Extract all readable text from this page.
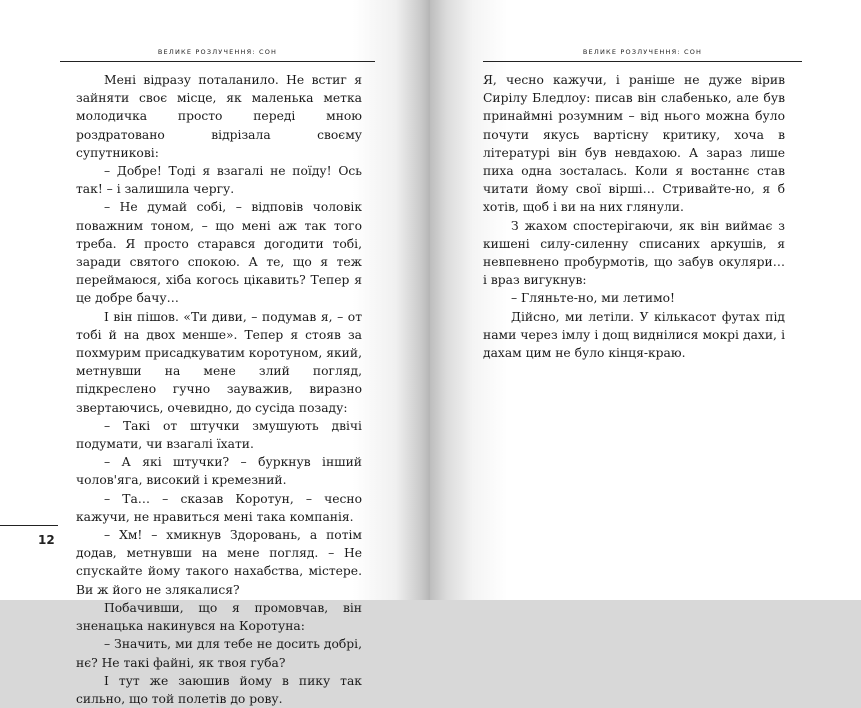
ВЕЛИКЕ РОЗЛУЧЕННЯ: СОН

Мені відразу поталанило. Не встиг я зайняти своє місце, як маленька метка молодичка просто переді мною роздратовано відрізала своєму супутникові:

– Добре! Тоді я взагалі не поїду! Ось так! – і залишила чергу.

– Не думай собі, – відповів чоловік поважним тоном, – що мені аж так того треба. Я просто старався догодити тобі, заради святого спокою. А те, що я теж переймаюся, хіба когось цікавить? Тепер я це добре бачу…

І він пішов. «Ти диви, – подумав я, – от тобі й на двох менше». Тепер я стояв за похмурим присадкуватим коротуном, який, метнувши на мене злий погляд, підкреслено гучно зауважив, виразно звертаючись, очевидно, до сусіда позаду:

– Такі от штучки змушують двічі подумати, чи взагалі їхати.

– А які штучки? – буркнув інший чолов'яга, високий і кремезний.

– Та… – сказав Коротун, – чесно кажучи, не нравиться мені така компанія.

– Хм! – хмикнув Здоровань, а потім додав, метнувши на мене погляд. – Не спускайте йому такого нахабства, містере. Ви ж його не злякалися?

Побачивши, що я промовчав, він зненацька накинувся на Коротуна:

– Значить, ми для тебе не досить добрі, нє? Не такі файні, як твоя губа?

І тут же заюшив йому в пику так сильно, що той полетів до рову.

12
ВЕЛИКЕ РОЗЛУЧЕННЯ: СОН

Я, чесно кажучи, і раніше не дуже вірив Сирілу Бледлоу: писав він слабенько, але був принаймні розумним – від нього можна було почути якусь вартісну критику, хоча в літературі він був невдахою. А зараз лише пиха одна зосталась. Коли я востаннє став читати йому свої вірші… Стривайте-но, я б хотів, щоб і ви на них глянули.

З жахом спостерігаючи, як він виймає з кишені силу-силенну списаних аркушів, я невпевнено пробурмотів, що забув окуляри… і враз вигукнув:

– Гляньте-но, ми летимо!

Дійсно, ми летіли. У кількасот футах під нами через імлу і дощ виднілися мокрі дахи, і дахам цим не було кінця-краю.
